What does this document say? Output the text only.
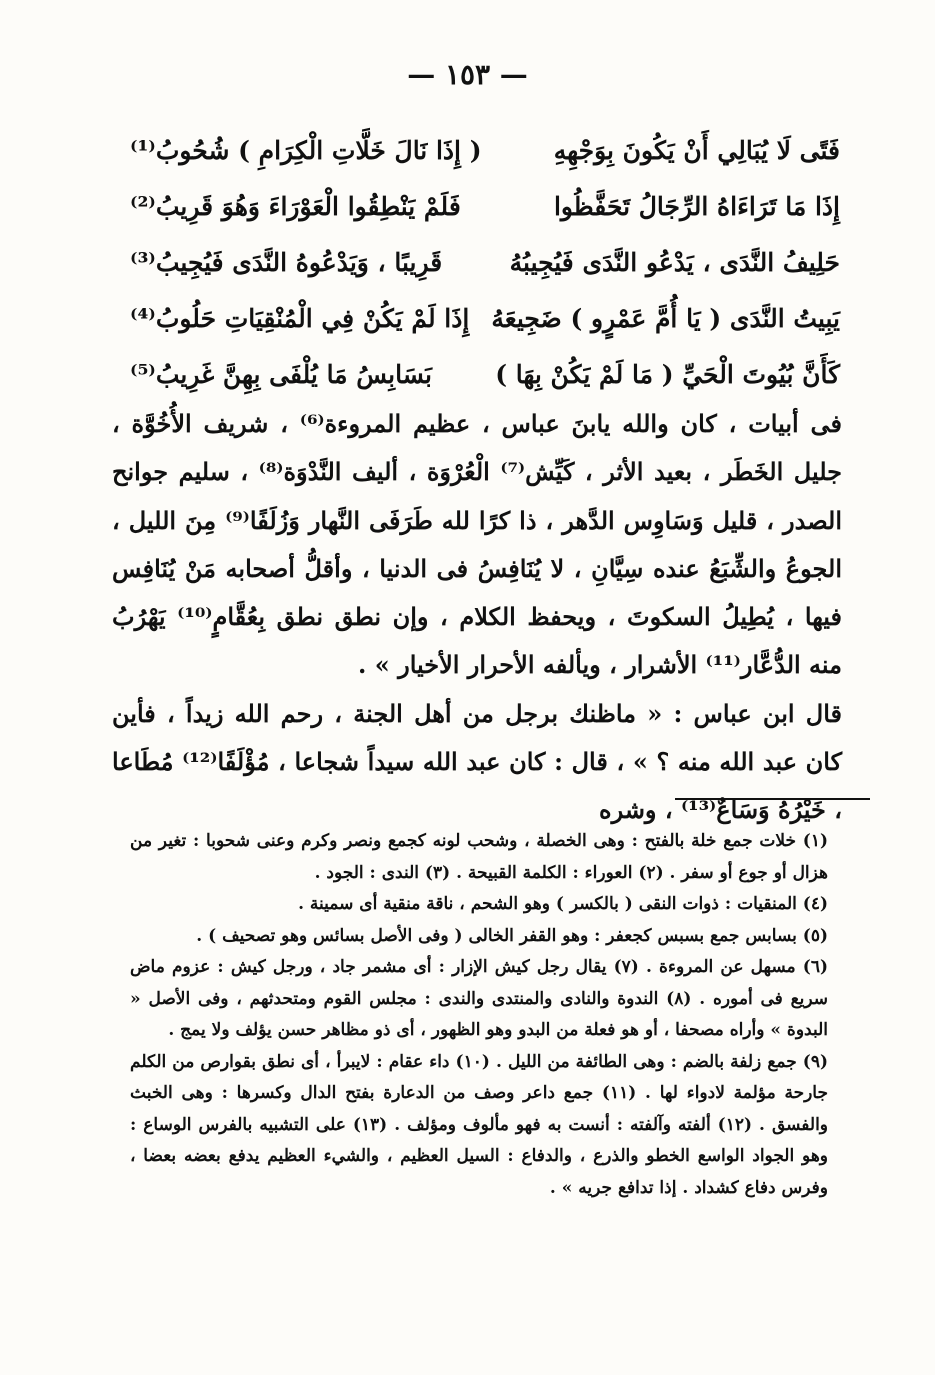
— ١٥٣ —
فَتًى لَا يُبَالِي أَنْ يَكُونَ بِوَجْهِهِ
( إِذَا نَالَ خَلَّاتِ الْكِرَامِ ) شُحُوبُ⁽¹⁾
إِذَا مَا تَرَاءَاهُ الرِّجَالُ تَحَفَّظُوا
فَلَمْ يَنْطِقُوا الْعَوْرَاءَ وَهُوَ قَرِيبُ⁽²⁾
حَلِيفُ النَّدَى ، يَدْعُو النَّدَى فَيُجِيبُهُ
قَرِيبًا ، وَيَدْعُوهُ النَّدَى فَيُجِيبُ⁽³⁾
يَبِيتُ النَّدَى ( يَا أُمَّ عَمْرٍو ) ضَجِيعَهُ
إِذَا لَمْ يَكُنْ فِي الْمُنْقِيَاتِ حَلُوبُ⁽⁴⁾
كَأَنَّ بُيُوتَ الْحَيِّ ( مَا لَمْ يَكُنْ بِهَا )
بَسَابِسُ مَا يُلْفَى بِهِنَّ غَرِيبُ⁽⁵⁾

فى أبيات ، كان والله يابنَ عباس ، عظيم المروءة⁽⁶⁾ ، شريف الأُخُوَّة ، جليل الخَطَر ، بعيد الأثر ، كَيِّش⁽⁷⁾ الْعُرْوَة ، أليف النَّدْوَة⁽⁸⁾ ، سليم جوانح الصدر ، قليل وَسَاوِس الدَّهر ، ذا كرًا لله طَرَفَى النَّهار وَزُلَفًا⁽⁹⁾ مِنَ الليل ، الجوعُ والشِّبَعُ عنده سِيَّانِ ، لا يُنَافِسُ فى الدنيا ، وأقلُّ أصحابه مَنْ يُنَافِس فيها ، يُطِيلُ السكوتَ ، ويحفظ الكلام ، وإن نطق نطق بِعُقَّامٍ⁽¹⁰⁾ يَهْرُبُ منه الدُّعَّار⁽¹¹⁾ الأشرار ، ويألفه الأحرار الأخيار » .

قال ابن عباس : « ماظنك برجل من أهل الجنة ، رحم الله زيداً ، فأين كان عبد الله منه ؟ » ، قال : كان عبد الله سيداً شجاعا ، مُؤْلَفًا⁽¹²⁾ مُطَاعا ، خَيْرُهُ وَسَاعٌ⁽¹³⁾ ، وشره

(١) خلات جمع خلة بالفتح : وهى الخصلة ، وشحب لونه كجمع ونصر وكرم وعنى شحوبا : تغير من هزال أو جوع أو سفر . (٢) العوراء : الكلمة القبيحة . (٣) الندى : الجود .

(٤) المنقيات : ذوات النقى ( بالكسر ) وهو الشحم ، ناقة منقية أى سمينة .

(٥) بسابس جمع بسبس كجعفر : وهو القفر الخالى ( وفى الأصل بسائس وهو تصحيف ) .

(٦) مسهل عن المروءة . (٧) يقال رجل كيش الإزار : أى مشمر جاد ، ورجل كيش : عزوم ماض سريع فى أموره . (٨) الندوة والنادى والمنتدى والندى : مجلس القوم ومتحدثهم ، وفى الأصل « البدوة » وأراه مصحفا ، أو هو فعلة من البدو وهو الظهور ، أى ذو مظاهر حسن يؤلف ولا يمج .

(٩) جمع زلفة بالضم : وهى الطائفة من الليل . (١٠) داء عقام : لايبرأ ، أى نطق بقوارص من الكلم جارحة مؤلمة لادواء لها . (١١) جمع داعر وصف من الدعارة بفتح الدال وكسرها : وهى الخبث والفسق . (١٢) ألفته وآلفته : أنست به فهو مألوف ومؤلف . (١٣) على التشبيه بالفرس الوساع : وهو الجواد الواسع الخطو والذرع ، والدفاع : السيل العظيم ، والشيء العظيم يدفع بعضه بعضا ، وفرس دفاع كشداد . إذا تدافع جريه » .
